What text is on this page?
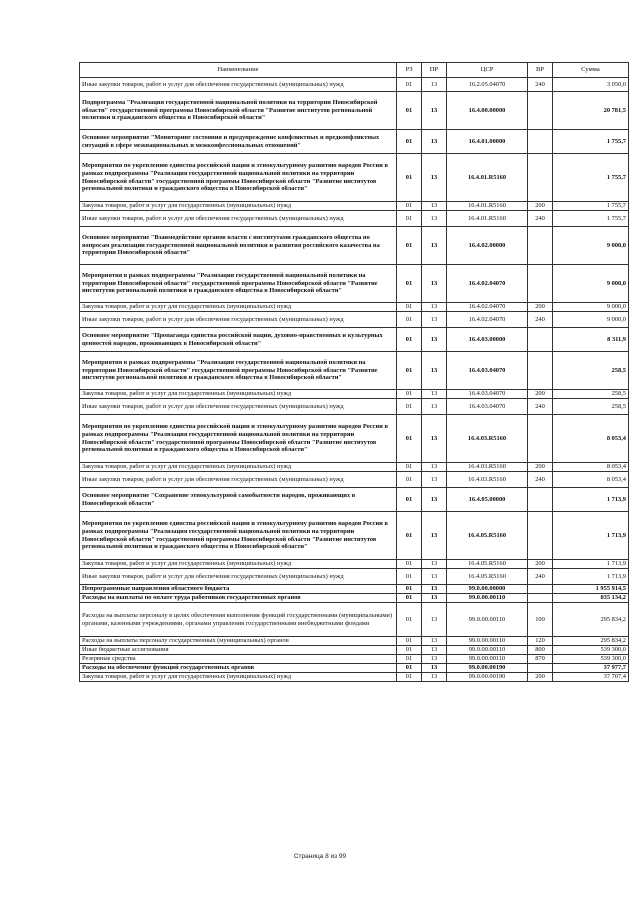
Наименование	РЗ	ПР	ЦСР	ВР	Сумма
Иные закупки товаров, работ и услуг для обеспечения государственных (муниципальных) нужд	01	13	16.2.05.04070	240	3 050,0
Подпрограмма "Реализация государственной национальной политики на территории Новосибирской области" государственной программы Новосибирской области "Развитие институтов региональной политики и гражданского общества в Новосибирской области"	01	13	16.4.00.00000		20 781,5
Основное мероприятие "Мониторинг состояния и предупреждение конфликтных и предконфликтных ситуаций в сфере межнациональных и межконфессиональных отношений"	01	13	16.4.01.00000		1 755,7
Мероприятия по укреплению единства российской нации и этнокультурному развитию народов России в рамках подпрограммы "Реализация государственной национальной политики на территории Новосибирской области" государственной программы Новосибирской области "Развитие институтов региональной политики и гражданского общества в Новосибирской области"	01	13	16.4.01.R5160		1 755,7
Закупка товаров, работ и услуг для государственных (муниципальных) нужд	01	13	16.4.01.R5160	200	1 755,7
Иные закупки товаров, работ и услуг для обеспечения государственных (муниципальных) нужд	01	13	16.4.01.R5160	240	1 755,7
Основное мероприятие "Взаимодействие органов власти с институтами гражданского общества по вопросам реализации государственной национальной политики и развития российского казачества на территории Новосибирской области"	01	13	16.4.02.00000		9 000,0
Мероприятия в рамках подпрограммы "Реализация государственной национальной политики на территории Новосибирской области" государственной программы Новосибирской области "Развитие институтов региональной политики и гражданского общества в Новосибирской области"	01	13	16.4.02.04070		9 000,0
Закупка товаров, работ и услуг для государственных (муниципальных) нужд	01	13	16.4.02.04070	200	9 000,0
Иные закупки товаров, работ и услуг для обеспечения государственных (муниципальных) нужд	01	13	16.4.02.04070	240	9 000,0
Основное мероприятие "Пропаганда единства российской нации, духовно-нравственных и культурных ценностей народов, проживающих в Новосибирской области"	01	13	16.4.03.00000		8 311,9
Мероприятия в рамках подпрограммы "Реализация государственной национальной политики на территории Новосибирской области" государственной программы Новосибирской области "Развитие институтов региональной политики и гражданского общества в Новосибирской области"	01	13	16.4.03.04070		258,5
Закупка товаров, работ и услуг для государственных (муниципальных) нужд	01	13	16.4.03.04070	200	258,5
Иные закупки товаров, работ и услуг для обеспечения государственных (муниципальных) нужд	01	13	16.4.03.04070	240	258,5
Мероприятия по укреплению единства российской нации и этнокультурному развитию народов России в рамках подпрограммы "Реализация государственной национальной политики на территории Новосибирской области" государственной программы Новосибирской области "Развитие институтов региональной политики и гражданского общества в Новосибирской области"	01	13	16.4.03.R5160		8 053,4
Закупка товаров, работ и услуг для государственных (муниципальных) нужд	01	13	16.4.03.R5160	200	8 053,4
Иные закупки товаров, работ и услуг для обеспечения государственных (муниципальных) нужд	01	13	16.4.03.R5160	240	8 053,4
Основное мероприятие "Сохранение этнокультурной самобытности народов, проживающих в Новосибирской области"	01	13	16.4.05.00000		1 713,9
Мероприятия по укреплению единства российской нации и этнокультурному развитию народов России в рамках подпрограммы "Реализация государственной национальной политики на территории Новосибирской области" государственной программы Новосибирской области "Развитие институтов региональной политики и гражданского общества в Новосибирской области"	01	13	16.4.05.R5160		1 713,9
Закупка товаров, работ и услуг для государственных (муниципальных) нужд	01	13	16.4.05.R5160	200	1 713,9
Иные закупки товаров, работ и услуг для обеспечения государственных (муниципальных) нужд	01	13	16.4.05.R5160	240	1 713,9
Непрограммные направления областного бюджета	01	13	99.0.00.00000		1 955 914,5
Расходы на выплаты по оплате труда работников государственных органов	01	13	99.0.00.00110		835 134,2
Расходы на выплаты персоналу в целях обеспечения выполнения функций государственными (муниципальными) органами, казенными учреждениями, органами управления государственными внебюджетными фондами	01	13	99.0.00.00110	100	295 834,2
Расходы на выплаты персоналу государственных (муниципальных) органов	01	13	99.0.00.00110	120	295 834,2
Иные бюджетные ассигнования	01	13	99.0.00.00110	800	539 300,0
Резервные средства	01	13	99.0.00.00110	870	539 300,0
Расходы на обеспечение функций государственных органов	01	13	99.0.00.00190		37 977,7
Закупка товаров, работ и услуг для государственных (муниципальных) нужд	01	13	99.0.00.00190	200	37 707,4
Страница 8 из 99
